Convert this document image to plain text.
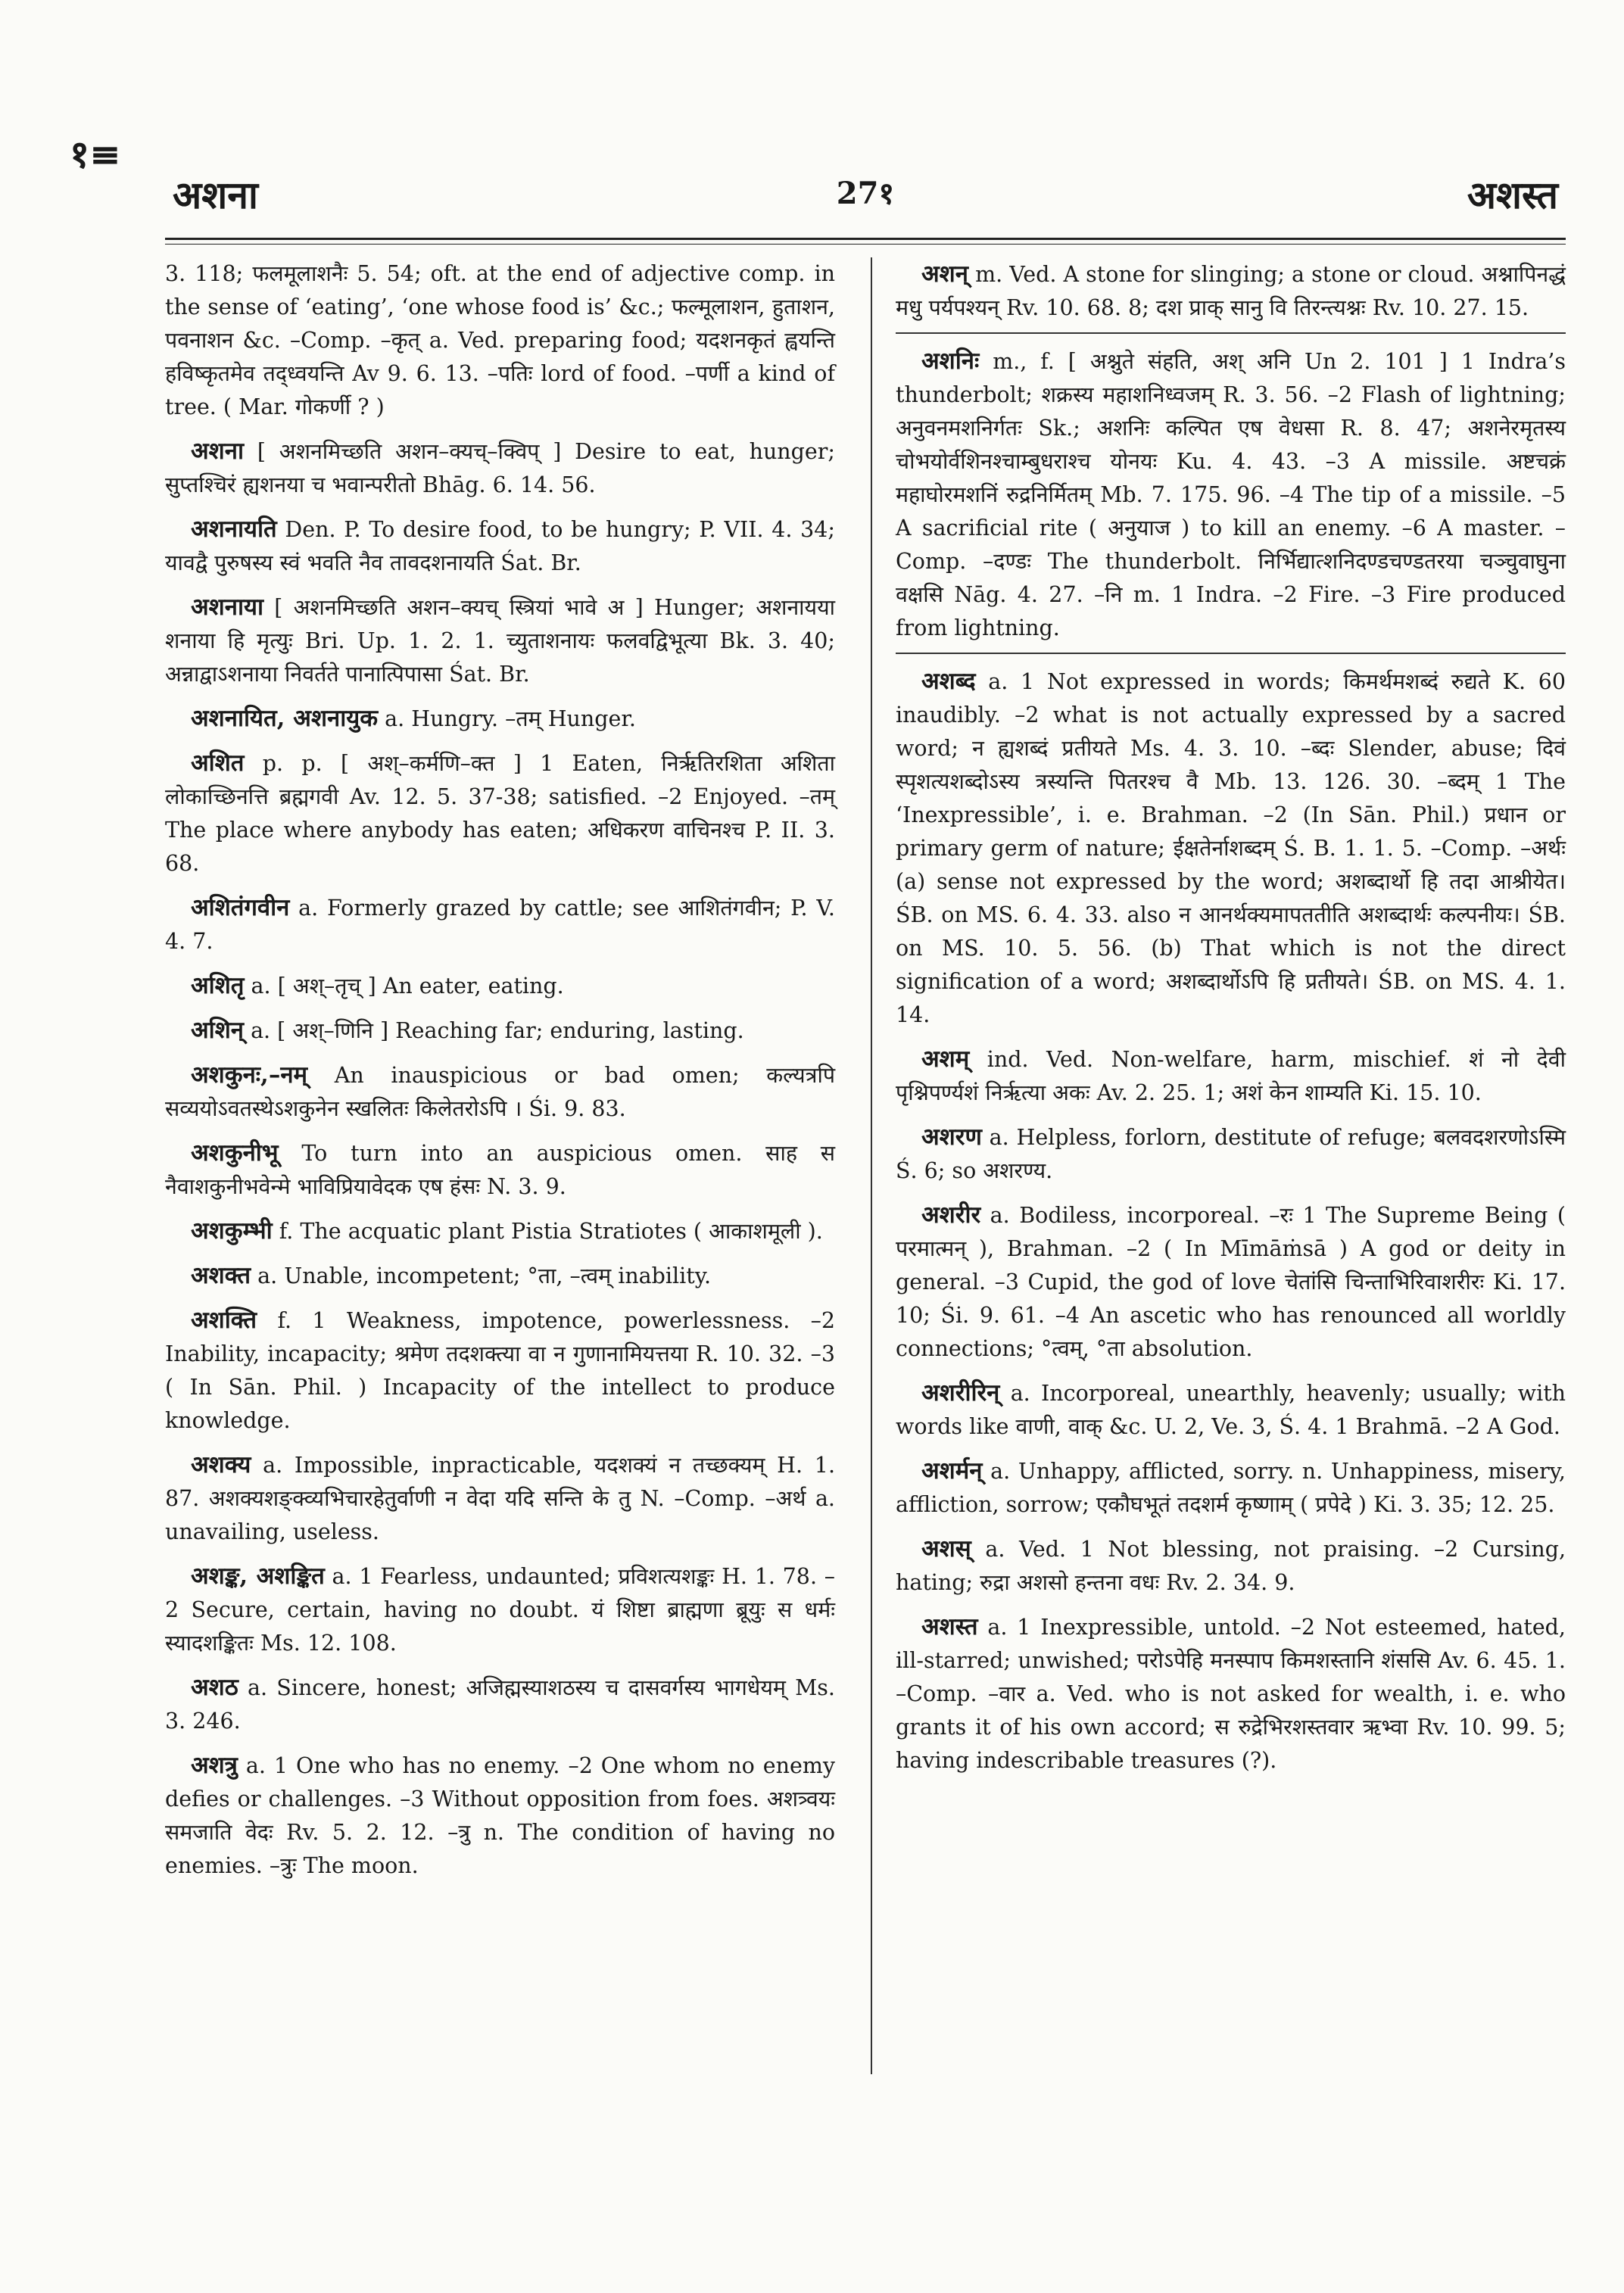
१≡
अशना	27१	अशस्त

3. 118; फलमूलाशनैः 5. 54; oft. at the end of adjective comp. in the sense of ‘eating’, ‘one whose food is’ &c.; फल्मूलाशन, हुताशन, पवनाशन &c. –Comp. –कृत् a. Ved. preparing food; यदशनकृतं ह्वयन्ति हविष्कृतमेव तद्ध्वयन्ति Av 9. 6. 13. –पतिः lord of food. –पर्णी a kind of tree. ( Mar. गोकर्णी ? )

अशना [ अशनमिच्छति अशन–क्यच्–क्विप् ] Desire to eat, hunger; सुप्तश्चिरं ह्यशनया च भवान्परीतो Bhāg. 6. 14. 56.

अशनायति Den. P. To desire food, to be hungry; P. VII. 4. 34; यावद्वै पुरुषस्य स्वं भवति नैव तावदशनायति Śat. Br.

अशनाया [ अशनमिच्छति अशन–क्यच् स्त्रियां भावे अ ] Hunger; अशनायया शनाया हि मृत्युः Bri. Up. 1. 2. 1. च्युताशनायः फलवद्विभूत्या Bk. 3. 40; अन्नाद्वाऽशनाया निवर्तते पानात्पिपासा Śat. Br.

अशनायित, अशनायुक a. Hungry. –तम् Hunger.

अशित p. p. [ अश्–कर्मणि–क्त ] 1 Eaten, निर्ऋतिरशिता अशिता लोकाच्छिनत्ति ब्रह्मगवी Av. 12. 5. 37-38; satisfied. –2 Enjoyed. –तम् The place where anybody has eaten; अधिकरण वाचिनश्च P. II. 3. 68.

अशितंगवीन a. Formerly grazed by cattle; see आशितंगवीन; P. V. 4. 7.

अशितृ a. [ अश्–तृच् ] An eater, eating.

अशिन् a. [ अश्–णिनि ] Reaching far; enduring, lasting.

अशकुनः,–नम् An inauspicious or bad omen; कल्यत्रपि सव्ययोऽवतस्थेऽशकुनेन स्खलितः किलेतरोऽपि । Śi. 9. 83.

अशकुनीभू To turn into an auspicious omen. साह स नैवाशकुनीभवेन्मे भाविप्रियावेदक एष हंसः N. 3. 9.

अशकुम्भी f. The acquatic plant Pistia Stratiotes ( आकाशमूली ).

अशक्त a. Unable, incompetent; °ता, –त्वम् inability.

अशक्ति f. 1 Weakness, impotence, powerlessness. –2 Inability, incapacity; श्रमेण तदशक्त्या वा न गुणानामियत्तया R. 10. 32. –3 ( In Sān. Phil. ) Incapacity of the intellect to produce knowledge.

अशक्य a. Impossible, inpracticable, यदशक्यं न तच्छक्यम् H. 1. 87. अशक्यशङ्क्व्यभिचारहेतुर्वाणी न वेदा यदि सन्ति के तु N. –Comp. –अर्थ a. unavailing, useless.

अशङ्क, अशङ्कित a. 1 Fearless, undaunted; प्रविशत्यशङ्कः H. 1. 78. –2 Secure, certain, having no doubt. यं शिष्टा ब्राह्मणा ब्रूयुः स धर्मः स्यादशङ्कितः Ms. 12. 108.

अशठ a. Sincere, honest; अजिह्मस्याशठस्य च दासवर्गस्य भागधेयम् Ms. 3. 246.

अशत्रु a. 1 One who has no enemy. –2 One whom no enemy defies or challenges. –3 Without opposition from foes. अशत्र्वयः समजाति वेदः Rv. 5. 2. 12. –त्रु n. The condition of having no enemies. –त्रुः The moon.

अशन् m. Ved. A stone for slinging; a stone or cloud. अश्नापिनद्धं मधु पर्यपश्यन् Rv. 10. 68. 8; दश प्राक् सानु वि तिरन्त्यश्नः Rv. 10. 27. 15.

अशनिः m., f. [ अश्नुते संहति, अश् अनि Un 2. 101 ] 1 Indra’s thunderbolt; शक्रस्य महाशनिध्वजम् R. 3. 56. –2 Flash of lightning; अनुवनमशनिर्गतः Sk.; अशनिः कल्पित एष वेधसा R. 8. 47; अशनेरमृतस्य चोभयोर्वशिनश्चाम्बुधराश्च योनयः Ku. 4. 43. –3 A missile. अष्टचक्रं महाघोरमशनिं रुद्रनिर्मितम् Mb. 7. 175. 96. –4 The tip of a missile. –5 A sacrificial rite ( अनुयाज ) to kill an enemy. –6 A master. –Comp. –दण्डः The thunderbolt. निर्भिद्यात्शनिदण्डचण्डतरया चञ्चुवाघुना वक्षसि Nāg. 4. 27. –नि m. 1 Indra. –2 Fire. –3 Fire produced from lightning.

अशब्द a. 1 Not expressed in words; किमर्थमशब्दं रुद्यते K. 60 inaudibly. –2 what is not actually expressed by a sacred word; न ह्यशब्दं प्रतीयते Ms. 4. 3. 10. –ब्दः Slender, abuse; दिवं स्पृशत्यशब्दोऽस्य त्रस्यन्ति पितरश्च वै Mb. 13. 126. 30. –ब्दम् 1 The ‘Inexpressible’, i. e. Brahman. –2 (In Sān. Phil.) प्रधान or primary germ of nature; ईक्षतेर्नाशब्दम् Ś. B. 1. 1. 5. –Comp. –अर्थः (a) sense not expressed by the word; अशब्दार्थो हि तदा आश्रीयेत। ŚB. on MS. 6. 4. 33. also न आनर्थक्यमापततीति अशब्दार्थः कल्पनीयः। ŚB. on MS. 10. 5. 56. (b) That which is not the direct signification of a word; अशब्दार्थोऽपि हि प्रतीयते। ŚB. on MS. 4. 1. 14.

अशम् ind. Ved. Non-welfare, harm, mischief. शं नो देवी पृश्निपर्ण्यशं निर्ऋत्या अकः Av. 2. 25. 1; अशं केन शाम्यति Ki. 15. 10.

अशरण a. Helpless, forlorn, destitute of refuge; बलवदशरणोऽस्मि Ś. 6; so अशरण्य.

अशरीर a. Bodiless, incorporeal. –रः 1 The Supreme Being ( परमात्मन् ), Brahman. –2 ( In Mīmāṁsā ) A god or deity in general. –3 Cupid, the god of love चेतांसि चिन्ताभिरिवाशरीरः Ki. 17. 10; Śi. 9. 61. –4 An ascetic who has renounced all worldly connections; °त्वम्, °ता absolution.

अशरीरिन् a. Incorporeal, unearthly, heavenly; usually; with words like वाणी, वाक् &c. U. 2, Ve. 3, Ś. 4. 1 Brahmā. –2 A God.

अशर्मन् a. Unhappy, afflicted, sorry. n. Unhappiness, misery, affliction, sorrow; एकौघभूतं तदशर्म कृष्णाम् ( प्रपेदे ) Ki. 3. 35; 12. 25.

अशस् a. Ved. 1 Not blessing, not praising. –2 Cursing, hating; रुद्रा अशसो हन्तना वधः Rv. 2. 34. 9.

अशस्त a. 1 Inexpressible, untold. –2 Not esteemed, hated, ill-starred; unwished; परोऽपेहि मनस्पाप किमशस्तानि शंससि Av. 6. 45. 1. –Comp. –वार a. Ved. who is not asked for wealth, i. e. who grants it of his own accord; स रुद्रेभिरशस्तवार ऋभ्वा Rv. 10. 99. 5; having indescribable treasures (?).
